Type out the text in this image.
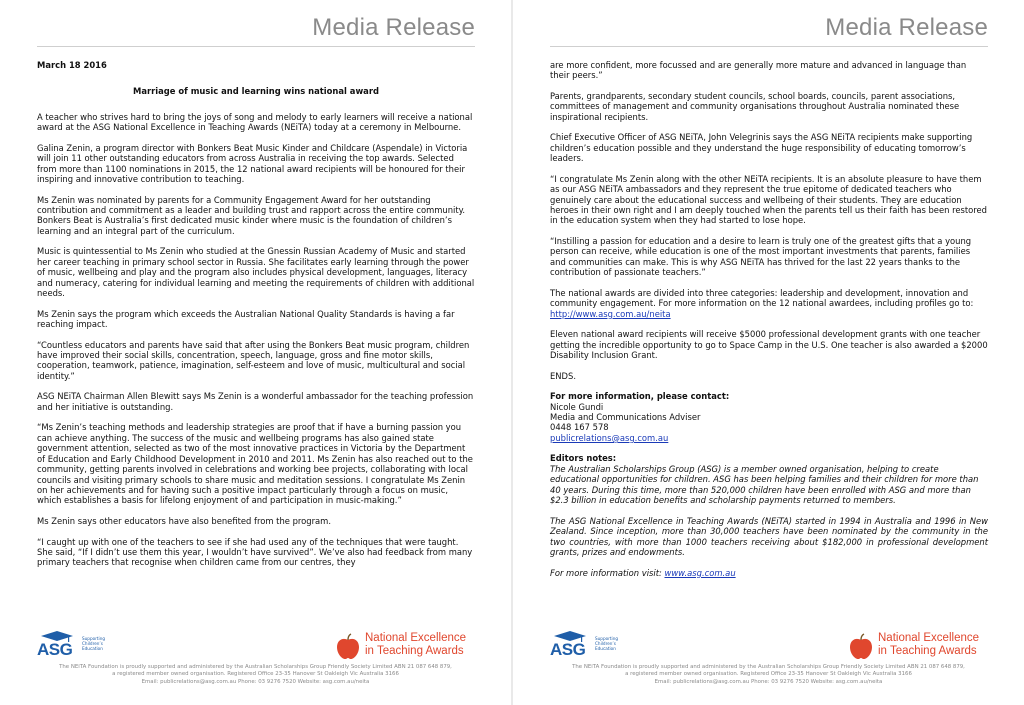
Media Release

March 18 2016

Marriage of music and learning wins national award

A teacher who strives hard to bring the joys of song and melody to early learners will receive a national award at the ASG National Excellence in Teaching Awards (NEiTA) today at a ceremony in Melbourne.

Galina Zenin, a program director with Bonkers Beat Music Kinder and Childcare (Aspendale) in Victoria will join 11 other outstanding educators from across Australia in receiving the top awards. Selected from more than 1100 nominations in 2015, the 12 national award recipients will be honoured for their inspiring and innovative contribution to teaching.

Ms Zenin was nominated by parents for a Community Engagement Award for her outstanding contribution and commitment as a leader and building trust and rapport across the entire community. Bonkers Beat is Australia’s first dedicated music kinder where music is the foundation of children’s learning and an integral part of the curriculum.

Music is quintessential to Ms Zenin who studied at the Gnessin Russian Academy of Music and started her career teaching in primary school sector in Russia. She facilitates early learning through the power of music, wellbeing and play and the program also includes physical development, languages, literacy and numeracy, catering for individual learning and meeting the requirements of children with additional needs.

Ms Zenin says the program which exceeds the Australian National Quality Standards is having a far reaching impact.

“Countless educators and parents have said that after using the Bonkers Beat music program, children have improved their social skills, concentration, speech, language, gross and fine motor skills, cooperation, teamwork, patience, imagination, self-esteem and love of music, multicultural and social identity.”

ASG NEiTA Chairman Allen Blewitt says Ms Zenin is a wonderful ambassador for the teaching profession and her initiative is outstanding.

“Ms Zenin’s teaching methods and leadership strategies are proof that if have a burning passion you can achieve anything. The success of the music and wellbeing programs has also gained state government attention, selected as two of the most innovative practices in Victoria by the Department of Education and Early Childhood Development in 2010 and 2011. Ms Zenin has also reached out to the community, getting parents involved in celebrations and working bee projects, collaborating with local councils and visiting primary schools to share music and meditation sessions. I congratulate Ms Zenin on her achievements and for having such a positive impact particularly through a focus on music, which establishes a basis for lifelong enjoyment of and participation in music-making.”

Ms Zenin says other educators have also benefited from the program.

“I caught up with one of the teachers to see if she had used any of the techniques that were taught. She said, “If I didn’t use them this year, I wouldn’t have survived”. We’ve also had feedback from many primary teachers that recognise when children came from our centres, they

ASG
Supporting
Children’s
Education
National Excellence
in Teaching Awards
The NEiTA Foundation is proudly supported and administered by the Australian Scholarships Group Friendly Society Limited ABN 21 087 648 879,
a registered member owned organisation. Registered Office 23-35 Hanover St Oakleigh Vic Australia 3166
Email: publicrelations@asg.com.au Phone: 03 9276 7520 Website: asg.com.au/neita
Media Release

are more confident, more focussed and are generally more mature and advanced in language than their peers.”

Parents, grandparents, secondary student councils, school boards, councils, parent associations, committees of management and community organisations throughout Australia nominated these inspirational recipients.

Chief Executive Officer of ASG NEiTA, John Velegrinis says the ASG NEiTA recipients make supporting children’s education possible and they understand the huge responsibility of educating tomorrow’s leaders.

“I congratulate Ms Zenin along with the other NEiTA recipients. It is an absolute pleasure to have them as our ASG NEiTA ambassadors and they represent the true epitome of dedicated teachers who genuinely care about the educational success and wellbeing of their students. They are education heroes in their own right and I am deeply touched when the parents tell us their faith has been restored in the education system when they had started to lose hope.

“Instilling a passion for education and a desire to learn is truly one of the greatest gifts that a young person can receive, while education is one of the most important investments that parents, families and communities can make. This is why ASG NEiTA has thrived for the last 22 years thanks to the contribution of passionate teachers.”

The national awards are divided into three categories: leadership and development, innovation and community engagement. For more information on the 12 national awardees, including profiles go to: http://www.asg.com.au/neita

Eleven national award recipients will receive $5000 professional development grants with one teacher getting the incredible opportunity to go to Space Camp in the U.S. One teacher is also awarded a $2000 Disability Inclusion Grant.

ENDS.

For more information, please contact:

Nicole Gundi

Media and Communications Adviser

0448 167 578

publicrelations@asg.com.au

Editors notes:

The Australian Scholarships Group (ASG) is a member owned organisation, helping to create educational opportunities for children. ASG has been helping families and their children for more than 40 years. During this time, more than 520,000 children have been enrolled with ASG and more than $2.3 billion in education benefits and scholarship payments returned to members.

The ASG National Excellence in Teaching Awards (NEiTA) started in 1994 in Australia and 1996 in New Zealand. Since inception, more than 30,000 teachers have been nominated by the community in the two countries, with more than 1000 teachers receiving about $182,000 in professional development grants, prizes and endowments.

For more information visit: www.asg.com.au

ASG
Supporting
Children’s
Education
National Excellence
in Teaching Awards
The NEiTA Foundation is proudly supported and administered by the Australian Scholarships Group Friendly Society Limited ABN 21 087 648 879,
a registered member owned organisation. Registered Office 23-35 Hanover St Oakleigh Vic Australia 3166
Email: publicrelations@asg.com.au Phone: 03 9276 7520 Website: asg.com.au/neita
